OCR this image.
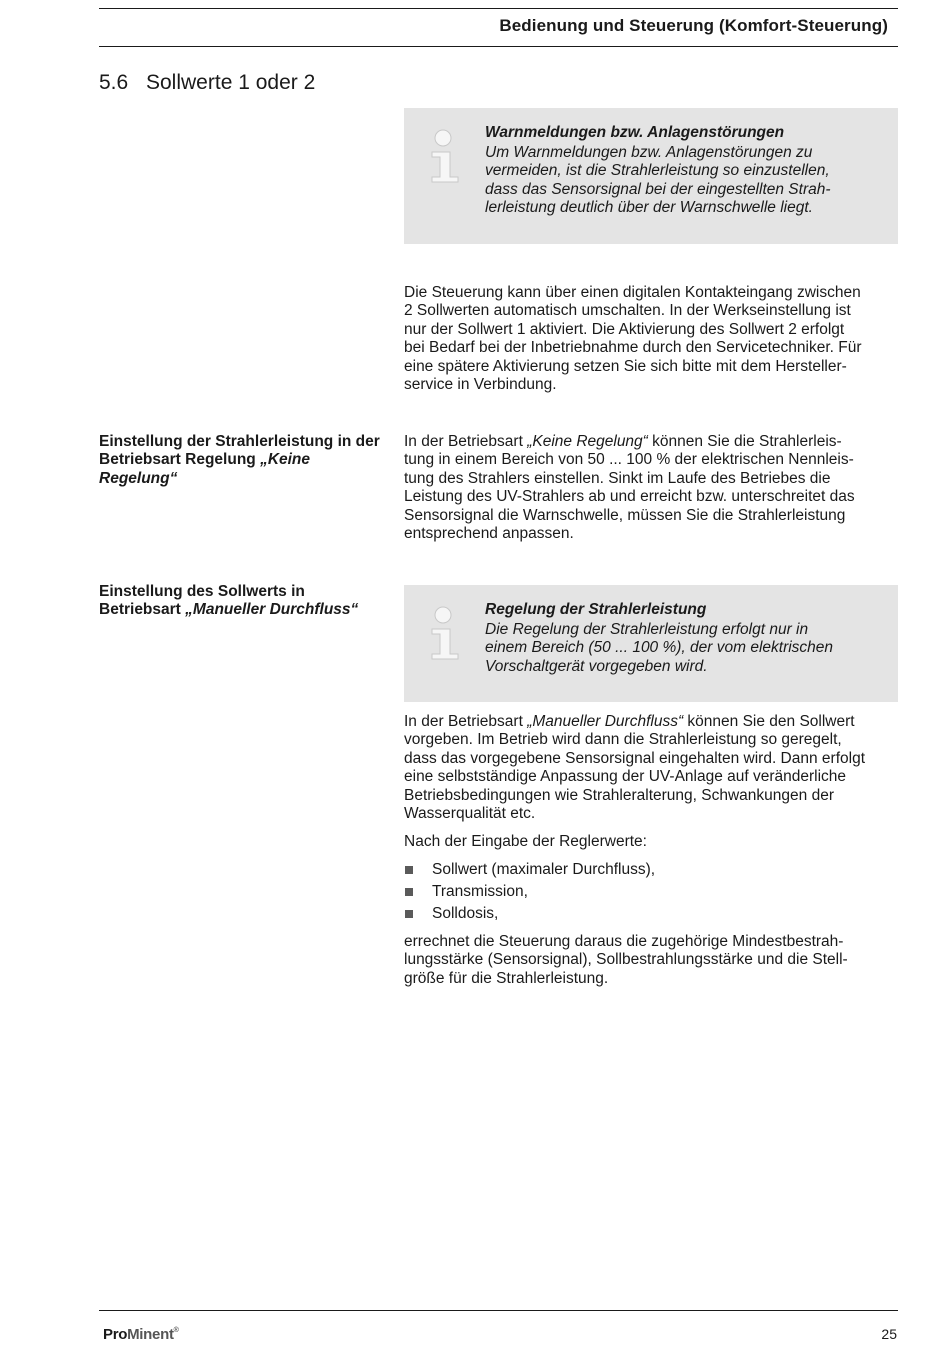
Bedienung und Steuerung (Komfort-Steuerung)
5.6 Sollwerte 1 oder 2
Warnmeldungen bzw. Anlagenstörungen
Um Warnmeldungen bzw. Anlagenstörungen zu
vermeiden, ist die Strahlerleistung so einzustellen,
dass das Sensorsignal bei der eingestellten Strah-
lerleistung deutlich über der Warnschwelle liegt.
Die Steuerung kann über einen digitalen Kontakteingang zwischen
2 Sollwerten automatisch umschalten. In der Werkseinstellung ist
nur der Sollwert 1 aktiviert. Die Aktivierung des Sollwert 2 erfolgt
bei Bedarf bei der Inbetriebnahme durch den Servicetechniker. Für
eine spätere Aktivierung setzen Sie sich bitte mit dem Hersteller-
service in Verbindung.
Einstellung der Strahlerleistung in der
Betriebsart Regelung „Keine
Regelung“
In der Betriebsart „Keine Regelung“ können Sie die Strahlerleis-
tung in einem Bereich von 50 ... 100 % der elektrischen Nennleis-
tung des Strahlers einstellen. Sinkt im Laufe des Betriebes die
Leistung des UV-Strahlers ab und erreicht bzw. unterschreitet das
Sensorsignal die Warnschwelle, müssen Sie die Strahlerleistung
entsprechend anpassen.
Einstellung des Sollwerts in
Betriebsart „Manueller Durchfluss“	Regelung der Strahlerleistung
Die Regelung der Strahlerleistung erfolgt nur in
einem Bereich (50 ... 100 %), der vom elektrischen
Vorschaltgerät vorgegeben wird.
In der Betriebsart „Manueller Durchfluss“ können Sie den Sollwert
vorgeben. Im Betrieb wird dann die Strahlerleistung so geregelt,
dass das vorgegebene Sensorsignal eingehalten wird. Dann erfolgt
eine selbstständige Anpassung der UV-Anlage auf veränderliche
Betriebsbedingungen wie Strahleralterung, Schwankungen der
Wasserqualität etc.
Nach der Eingabe der Reglerwerte:
Sollwert (maximaler Durchfluss),
Transmission,
Solldosis,
errechnet die Steuerung daraus die zugehörige Mindestbestrah-
lungsstärke (Sensorsignal), Sollbestrahlungsstärke und die Stell-
größe für die Strahlerleistung.
ProMinent®	25
